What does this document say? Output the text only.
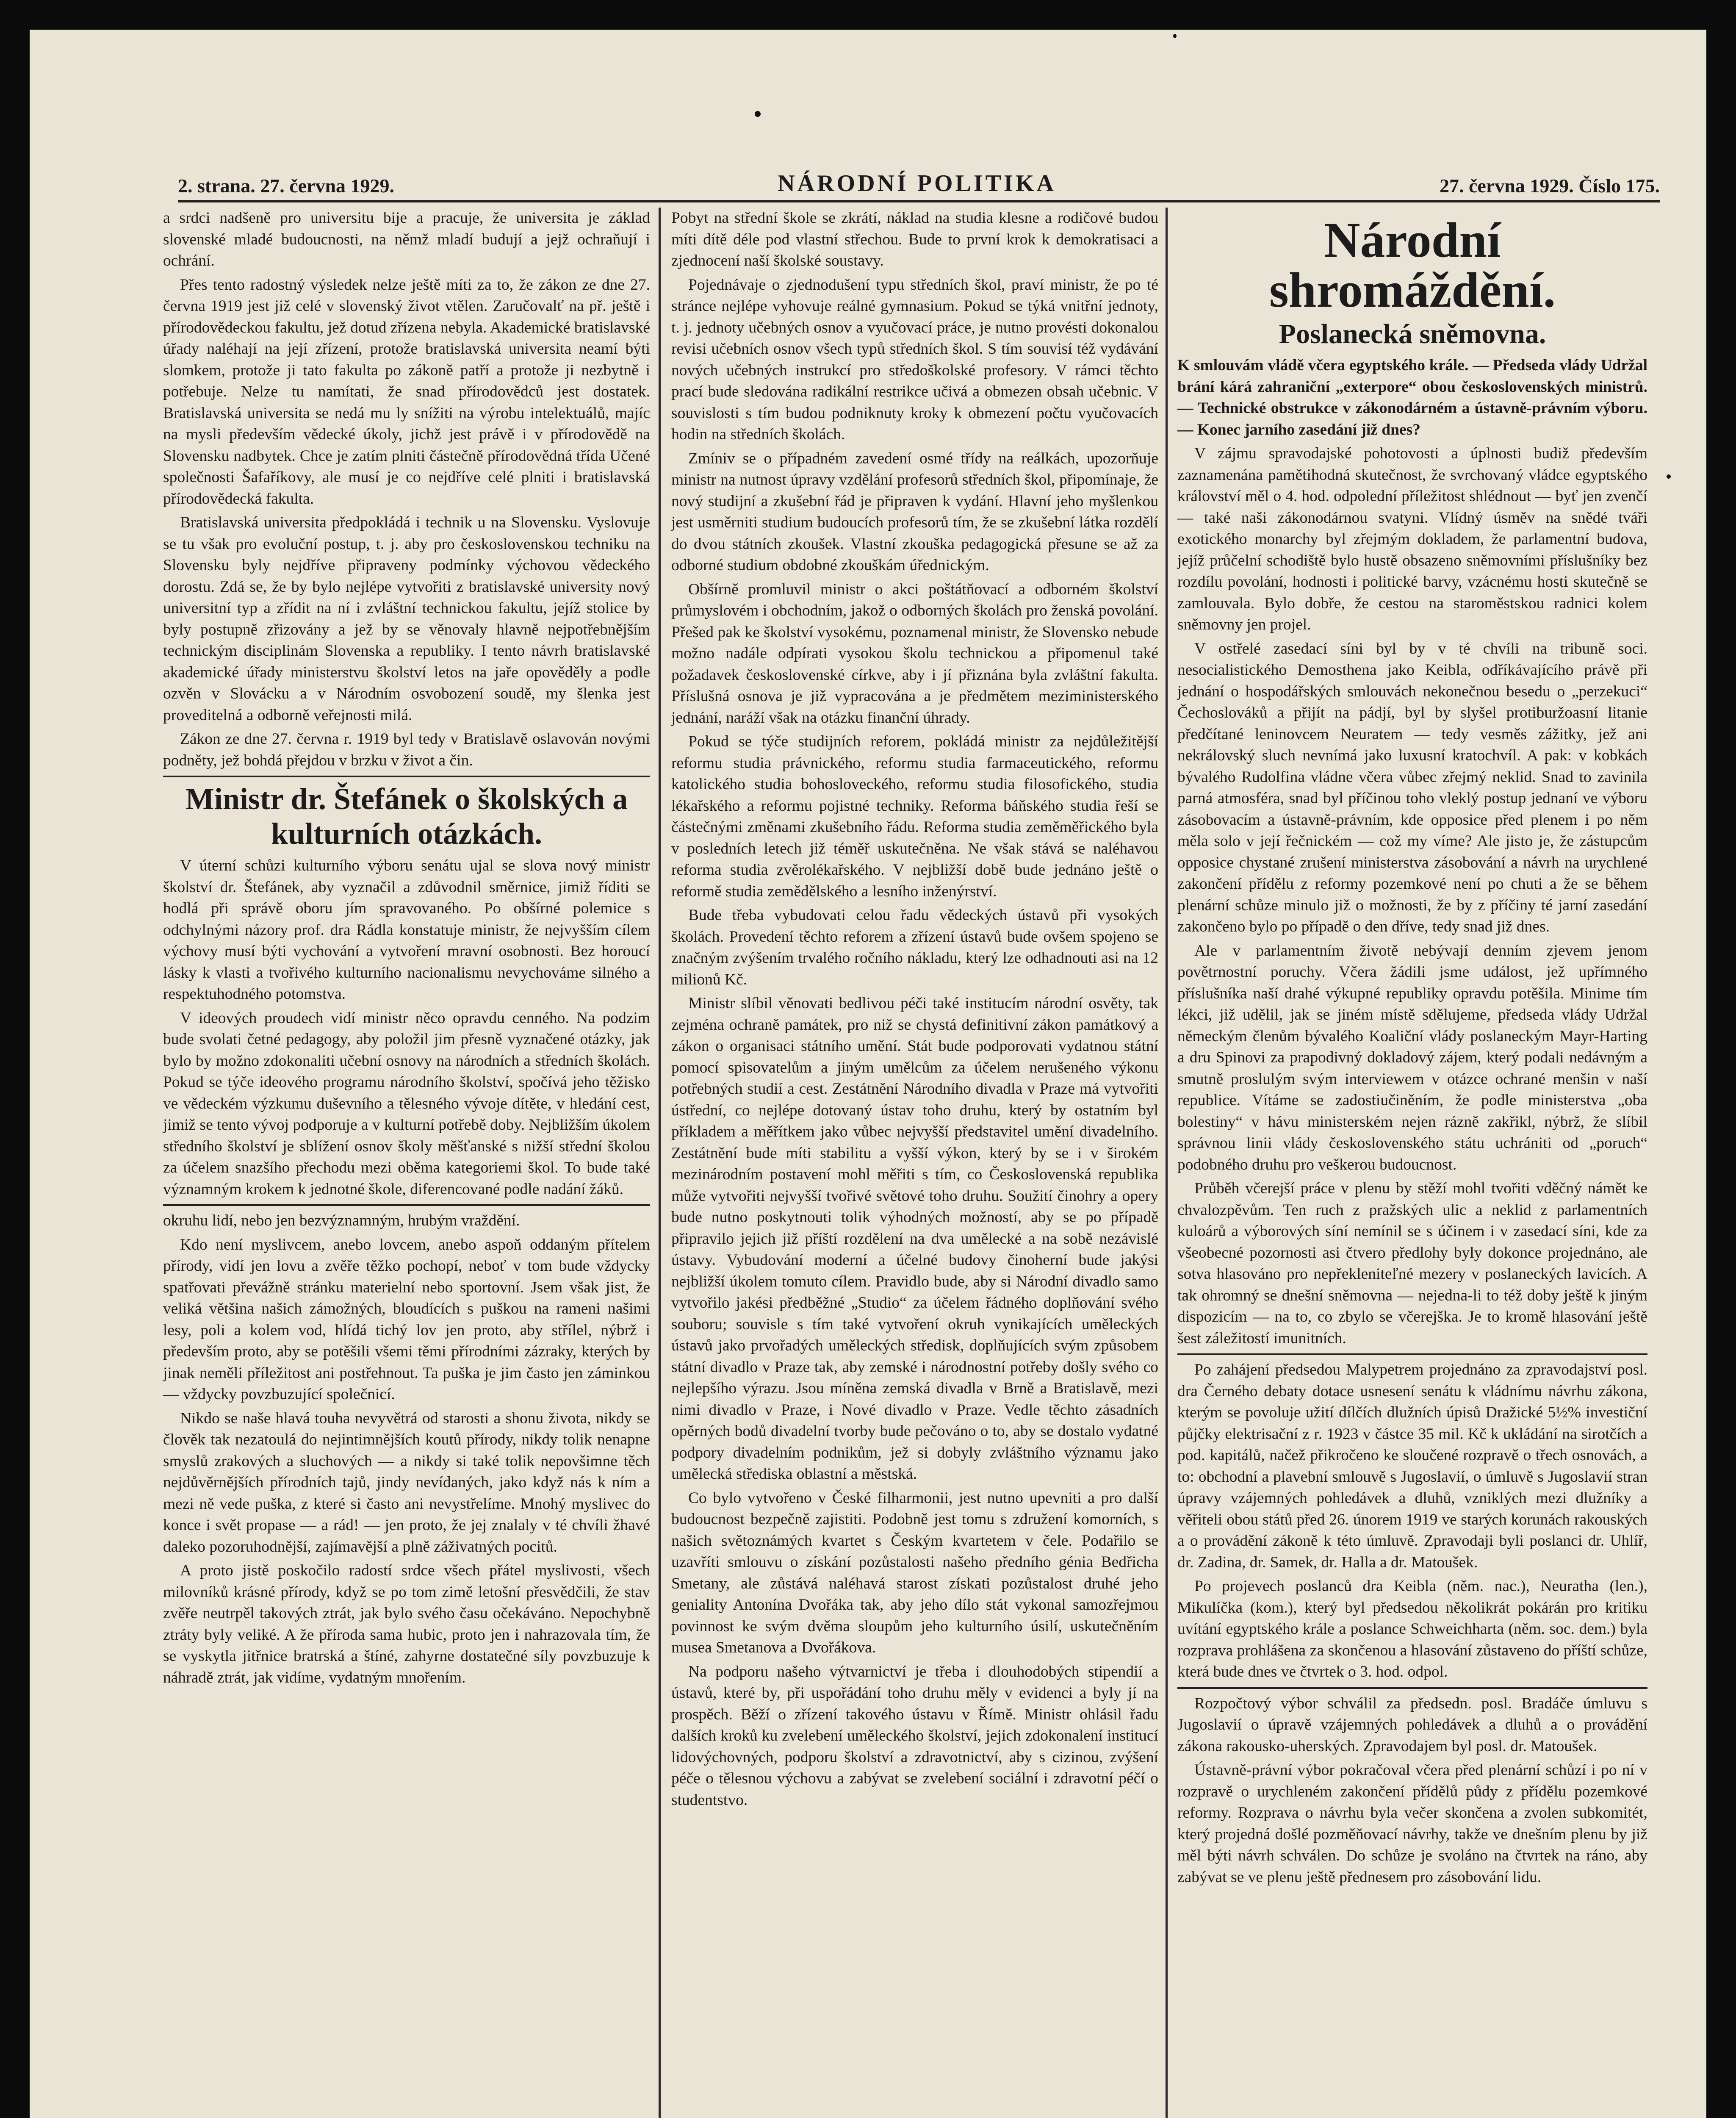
2. strana. 27. června 1929.	NÁRODNÍ POLITIKA	27. června 1929. Číslo 175.

a srdci nadšeně pro universitu bije a pracuje, že universita je základ slovenské mladé budoucnosti, na němž mladí budují a jejž ochraňují i ochrání.

Přes tento radostný výsledek nelze ještě míti za to, že zákon ze dne 27. června 1919 jest již celé v slovenský život vtělen. Zaručovalť na př. ještě i přírodovědeckou fakultu, jež dotud zřízena nebyla. Akademické bratislavské úřady naléhají na její zřízení, protože bratislavská universita neamí býti slomkem, protože ji tato fakulta po zákoně patří a protože ji nezbytně i potřebuje. Nelze tu namítati, že snad přírodovědců jest dostatek. Bratislavská universita se nedá mu ly snížiti na výrobu intelektuálů, majíc na mysli především vědecké úkoly, jichž jest právě i v přírodovědě na Slovensku nadbytek. Chce je zatím plniti částečně přírodovědná třída Učené společnosti Šafaříkovy, ale musí je co nejdříve celé plniti i bratislavská přírodovědecká fakulta.

Bratislavská universita předpokládá i technik u na Slovensku. Vyslovuje se tu však pro evoluční postup, t. j. aby pro československou techniku na Slovensku byly nejdříve připraveny podmínky výchovou vědeckého dorostu. Zdá se, že by bylo nejlépe vytvořiti z bratislavské university nový universitní typ a zřídit na ní i zvláštní technickou fakultu, jejíž stolice by byly postupně zřizovány a jež by se věnovaly hlavně nejpotřebnějším technickým disciplinám Slovenska a republiky. I tento návrh bratislavské akademické úřady ministerstvu školství letos na jaře opověděly a podle ozvěn v Slovácku a v Národním osvobození soudě, my šlenka jest proveditelná a odborně veřejnosti milá.

Zákon ze dne 27. června r. 1919 byl tedy v Bratislavě oslavován novými podněty, jež bohdá přejdou v brzku v život a čin.

Ministr dr. Štefánek o školských a kulturních otázkách.

V úterní schůzi kulturního výboru senátu ujal se slova nový ministr školství dr. Štefánek, aby vyznačil a zdůvodnil směrnice, jimiž říditi se hodlá při správě oboru jím spravovaného. Po obšírné polemice s odchylnými názory prof. dra Rádla konstatuje ministr, že nejvyšším cílem výchovy musí býti vychování a vytvoření mravní osobnosti. Bez horoucí lásky k vlasti a tvořivého kulturního nacionalismu nevychováme silného a respektuhodného potomstva.

V ideových proudech vidí ministr něco opravdu cenného. Na podzim bude svolati četné pedagogy, aby položil jim přesně vyznačené otázky, jak bylo by možno zdokonaliti učební osnovy na národních a středních školách. Pokud se týče ideového programu národního školství, spočívá jeho těžisko ve vědeckém výzkumu duševního a tělesného vývoje dítěte, v hledání cest, jimiž se tento vývoj podporuje a v kulturní potřebě doby. Nejbližším úkolem středního školství je sblížení osnov školy měšťanské s nižší střední školou za účelem snazšího přechodu mezi oběma kategoriemi škol. To bude také významným krokem k jednotné škole, diferencované podle nadání žáků.

okruhu lidí, nebo jen bezvýznamným, hrubým vraždění.

Kdo není myslivcem, anebo lovcem, anebo aspoň oddaným přítelem přírody, vidí jen lovu a zvěře těžko pochopí, neboť v tom bude vždycky spatřovati převážně stránku materielní nebo sportovní. Jsem však jist, že veliká většina našich zámožných, bloudících s puškou na rameni našimi lesy, poli a kolem vod, hlídá tichý lov jen proto, aby střílel, nýbrž i především proto, aby se potěšili všemi těmi přírodními zázraky, kterých by jinak neměli příležitost ani postřehnout. Ta puška je jim často jen záminkou — vždycky povzbuzující společnicí.

Nikdo se naše hlavá touha nevyvětrá od starosti a shonu života, nikdy se člověk tak nezatoulá do nejintimnějších koutů přírody, nikdy tolik nenapne smyslů zrakových a sluchových — a nikdy si také tolik nepovšimne těch nejdůvěrnějších přírodních tajů, jindy nevídaných, jako když nás k ním a mezi ně vede puška, z které si často ani nevystřelíme. Mnohý myslivec do konce i svět propase — a rád! — jen proto, že jej znalaly v té chvíli žhavé daleko pozoruhodnější, zajímavější a plně záživatných pocitů.

A proto jistě poskočilo radostí srdce všech přátel myslivosti, všech milovníků krásné přírody, když se po tom zimě letošní přesvědčili, že stav zvěře neutrpěl takových ztrát, jak bylo svého času očekáváno. Nepochybně ztráty byly veliké. A že příroda sama hubic, proto jen i nahrazovala tím, že se vyskytla jitřnice bratrská a štíné, zahyrne dostatečné síly povzbuzuje k náhradě ztrát, jak vidíme, vydatným mnořením.

Pobyt na střední škole se zkrátí, náklad na studia klesne a rodičové budou míti dítě déle pod vlastní střechou. Bude to první krok k demokratisaci a zjednocení naší školské soustavy.

Pojednávaje o zjednodušení typu středních škol, praví ministr, že po té stránce nejlépe vyhovuje reálné gymnasium. Pokud se týká vnitřní jednoty, t. j. jednoty učebných osnov a vyučovací práce, je nutno provésti dokonalou revisi učebních osnov všech typů středních škol. S tím souvisí též vydávání nových učebných instrukcí pro středoškolské profesory. V rámci těchto prací bude sledována radikální restrikce učivá a obmezen obsah učebnic. V souvislosti s tím budou podniknuty kroky k obmezení počtu vyučovacích hodin na středních školách.

Zmíniv se o případném zavedení osmé třídy na reálkách, upozorňuje ministr na nutnost úpravy vzdělání profesorů středních škol, připomínaje, že nový studijní a zkušební řád je připraven k vydání. Hlavní jeho myšlenkou jest usměrniti studium budoucích profesorů tím, že se zkušební látka rozdělí do dvou státních zkoušek. Vlastní zkouška pedagogická přesune se až za odborné studium obdobné zkouškám úřednickým.

Obšírně promluvil ministr o akci poštátňovací a odborném školství průmyslovém i obchodním, jakož o odborných školách pro ženská povolání. Přešed pak ke školství vysokému, poznamenal ministr, že Slovensko nebude možno nadále odpírati vysokou školu technickou a připomenul také požadavek československé církve, aby i jí přiznána byla zvláštní fakulta. Příslušná osnova je již vypracována a je předmětem meziministerského jednání, naráží však na otázku finanční úhrady.

Pokud se týče studijních reforem, pokládá ministr za nejdůležitější reformu studia právnického, reformu studia farmaceutického, reformu katolického studia bohosloveckého, reformu studia filosofického, studia lékařského a reformu pojistné techniky. Reforma báňského studia řeší se částečnými změnami zkušebního řádu. Reforma studia zeměměřického byla v posledních letech již téměř uskutečněna. Ne však stává se naléhavou reforma studia zvěrolékařského. V nejbližší době bude jednáno ještě o reformě studia zemědělského a lesního inženýrství.

Bude třeba vybudovati celou řadu vědeckých ústavů při vysokých školách. Provedení těchto reforem a zřízení ústavů bude ovšem spojeno se značným zvýšením trvalého ročního nákladu, který lze odhadnouti asi na 12 milionů Kč.

Ministr slíbil věnovati bedlivou péči také institucím národní osvěty, tak zejména ochraně památek, pro niž se chystá definitivní zákon památkový a zákon o organisaci státního umění. Stát bude podporovati vydatnou státní pomocí spisovatelům a jiným umělcům za účelem nerušeného výkonu potřebných studií a cest. Zestátnění Národního divadla v Praze má vytvořiti ústřední, co nejlépe dotovaný ústav toho druhu, který by ostatním byl příkladem a měřítkem jako vůbec nejvyšší představitel umění divadelního. Zestátnění bude míti stabilitu a vyšší výkon, který by se i v širokém mezinárodním postavení mohl měřiti s tím, co Československá republika může vytvořiti nejvyšší tvořivé světové toho druhu. Soužití činohry a opery bude nutno poskytnouti tolik výhodných možností, aby se po případě připravilo jejich již příští rozdělení na dva umělecké a na sobě nezávislé ústavy. Vybudování moderní a účelné budovy činoherní bude jakýsi nejbližší úkolem tomuto cílem. Pravidlo bude, aby si Národní divadlo samo vytvořilo jakési předběžné „Studio“ za účelem řádného doplňování svého souboru; souvisle s tím také vytvoření okruh vynikajících uměleckých ústavů jako prvořadých uměleckých středisk, doplňujících svým způsobem státní divadlo v Praze tak, aby zemské i národnostní potřeby došly svého co nejlepšího výrazu. Jsou míněna zemská divadla v Brně a Bratislavě, mezi nimi divadlo v Praze, i Nové divadlo v Praze. Vedle těchto zásadních opěrných bodů divadelní tvorby bude pečováno o to, aby se dostalo vydatné podpory divadelním podnikům, jež si dobyly zvláštního významu jako umělecká střediska oblastní a městská.

Co bylo vytvořeno v České filharmonii, jest nutno upevniti a pro další budoucnost bezpečně zajistiti. Podobně jest tomu s združení komorních, s našich světoznámých kvartet s Českým kvartetem v čele. Podařilo se uzavříti smlouvu o získání pozůstalosti našeho předního génia Bedřicha Smetany, ale zůstává naléhavá starost získati pozůstalost druhé jeho geniality Antonína Dvořáka tak, aby jeho dílo stát vykonal samozřejmou povinnost ke svým dvěma sloupům jeho kulturního úsilí, uskutečněním musea Smetanova a Dvořákova.

Na podporu našeho výtvarnictví je třeba i dlouhodobých stipendií a ústavů, které by, při uspořádání toho druhu měly v evidenci a byly jí na prospěch. Běží o zřízení takového ústavu v Římě. Ministr ohlásil řadu dalších kroků ku zvelebení uměleckého školství, jejich zdokonalení institucí lidovýchovných, podporu školství a zdravotnictví, aby s cizinou, zvýšení péče o tělesnou výchovu a zabývat se zvelebení sociální i zdravotní péčí o studentstvo.

Národní shromáždění.
Poslanecká sněmovna.

K smlouvám vládě včera egyptského krále. — Předseda vlády Udržal brání kárá zahraniční „exterpore“ obou československých ministrů. — Technické obstrukce v zákonodárném a ústavně-právním výboru. — Konec jarního zasedání již dnes?

V zájmu spravodajské pohotovosti a úplnosti budiž především zaznamenána pamětihodná skutečnost, že svrchovaný vládce egyptského království měl o 4. hod. odpolední příležitost shlédnout — byť jen zvenčí — také naši zákonodárnou svatyni. Vlídný úsměv na snědé tváři exotického monarchy byl zřejmým dokladem, že parlamentní budova, jejíž průčelní schodiště bylo hustě obsazeno sněmovními příslušníky bez rozdílu povolání, hodnosti i politické barvy, vzácnému hosti skutečně se zamlouvala. Bylo dobře, že cestou na staroměstskou radnici kolem sněmovny jen projel.

V ostřelé zasedací síni byl by v té chvíli na tribuně soci. nesocialistického Demosthena jako Keibla, odříkávajícího právě při jednání o hospodářských smlouvách nekonečnou besedu o „perzekuci“ Čechoslováků a přijít na pádjí, byl by slyšel protiburžoasní litanie předčítané leninovcem Neuratem — tedy vesměs zážitky, jež ani nekrálovský sluch nevnímá jako luxusní kratochvíl. A pak: v kobkách bývalého Rudolfina vládne včera vůbec zřejmý neklid. Snad to zavinila parná atmosféra, snad byl příčinou toho vleklý postup jednaní ve výboru zásobovacím a ústavně-právním, kde opposice před plenem i po něm měla solo v její řečnickém — což my víme? Ale jisto je, že zástupcům opposice chystané zrušení ministerstva zásobování a návrh na urychlené zakončení přídělu z reformy pozemkové není po chuti a že se během plenární schůze minulo již o možnosti, že by z příčiny té jarní zasedání zakončeno bylo po případě o den dříve, tedy snad již dnes.

Ale v parlamentním životě nebývají denním zjevem jenom povětrnostní poruchy. Včera žádili jsme událost, jež upřímného příslušníka naší drahé výkupné republiky opravdu potěšila. Minime tím lékci, již udělil, jak se jiném místě sdělujeme, předseda vlády Udržal německým členům bývalého Koaliční vlády poslaneckým Mayr-Harting a dru Spinovi za prapodivný dokladový zájem, který podali nedávným a smutně proslulým svým interviewem v otázce ochrané menšin v naší republice. Vítáme se zadostiučiněním, že podle ministerstva „oba bolestiny“ v hávu ministerském nejen rázně zakřikl, nýbrž, že slíbil správnou linii vlády československého státu uchrániti od „poruch“ podobného druhu pro veškerou budoucnost.

Průběh včerejší práce v plenu by stěží mohl tvořiti vděčný námět ke chvalozpěvům. Ten ruch z pražských ulic a neklid z parlamentních kuloárů a výborových síní nemínil se s účinem i v zasedací síni, kde za všeobecné pozornosti asi čtvero předlohy byly dokonce projednáno, ale sotva hlasováno pro nepřekleniteľné mezery v poslaneckých lavicích. A tak ohromný se dnešní sněmovna — nejedna-li to též doby ještě k jiným dispozicím — na to, co zbylo se včerejška. Je to kromě hlasování ještě šest záležitostí imunitních.

Po zahájení předsedou Malypetrem projednáno za zpravodajství posl. dra Černého debaty dotace usnesení senátu k vládnímu návrhu zákona, kterým se povoluje užití dílčích dlužních úpisů Dražické 5½% investiční půjčky elektrisační z r. 1923 v částce 35 mil. Kč k ukládání na sirotčích a pod. kapitálů, načež přikročeno ke sloučené rozpravě o třech osnovách, a to: obchodní a plavební smlouvě s Jugoslavií, o úmluvě s Jugoslavií stran úpravy vzájemných pohledávek a dluhů, vzniklých mezi dlužníky a věřiteli obou států před 26. únorem 1919 ve starých korunách rakouských a o provádění zákoně k této úmluvě. Zpravodaji byli poslanci dr. Uhlíř, dr. Zadina, dr. Samek, dr. Halla a dr. Matoušek.

Po projevech poslanců dra Keibla (něm. nac.), Neuratha (len.), Mikulíčka (kom.), který byl předsedou několikrát pokárán pro kritiku uvítání egyptského krále a poslance Schweichharta (něm. soc. dem.) byla rozprava prohlášena za skončenou a hlasování zůstaveno do příští schůze, která bude dnes ve čtvrtek o 3. hod. odpol.

Rozpočtový výbor schválil za předsedn. posl. Bradáče úmluvu s Jugoslavií o úpravě vzájemných pohledávek a dluhů a o provádění zákona rakousko-uherských. Zpravodajem byl posl. dr. Matoušek.

Ústavně-právní výbor pokračoval včera před plenární schůzí i po ní v rozpravě o urychleném zakončení přídělů půdy z přídělu pozemkové reformy. Rozprava o návrhu byla večer skončena a zvolen subkomitét, který projedná došlé pozměňovací návrhy, takže ve dnešním plenu by již měl býti návrh schválen. Do schůze je svoláno na čtvrtek na ráno, aby zabývat se ve plenu ještě přednesem pro zásobování lidu.
